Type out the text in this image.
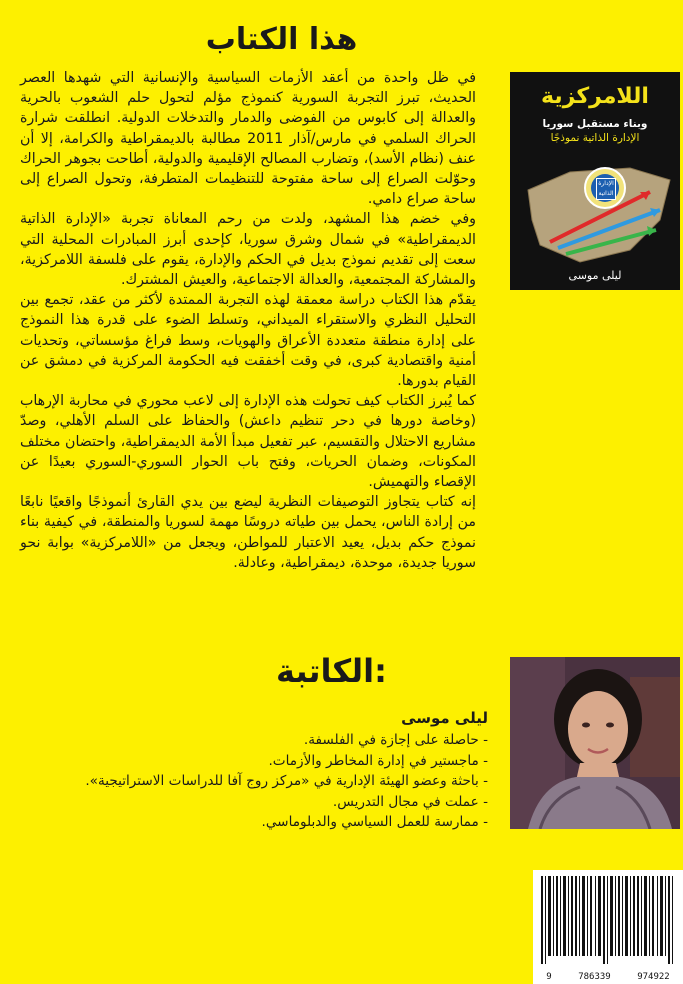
هذا الكتاب

في ظل واحدة من أعقد الأزمات السياسية والإنسانية التي شهدها العصر الحديث، تبرز التجربة السورية كنموذج مؤلم لتحول حلم الشعوب بالحرية والعدالة إلى كابوس من الفوضى والدمار والتدخلات الدولية. انطلقت شرارة الحراك السلمي في مارس/آذار 2011 مطالبة بالديمقراطية والكرامة، إلا أن عنف (نظام الأسد)، وتضارب المصالح الإقليمية والدولية، أطاحت بجوهر الحراك وحوّلت الصراع إلى ساحة مفتوحة للتنظيمات المتطرفة، وتحول الصراع إلى ساحة صراع دامي.

وفي خضم هذا المشهد، ولدت من رحم المعاناة تجربة «الإدارة الذاتية الديمقراطية» في شمال وشرق سوريا، كإحدى أبرز المبادرات المحلية التي سعت إلى تقديم نموذج بديل في الحكم والإدارة، يقوم على فلسفة اللامركزية، والمشاركة المجتمعية، والعدالة الاجتماعية، والعيش المشترك.

يقدّم هذا الكتاب دراسة معمقة لهذه التجربة الممتدة لأكثر من عقد، تجمع بين التحليل النظري والاستقراء الميداني، وتسلط الضوء على قدرة هذا النموذج على إدارة منطقة متعددة الأعراق والهويات، وسط فراغ مؤسساتي، وتحديات أمنية واقتصادية كبرى، في وقت أخفقت فيه الحكومة المركزية في دمشق عن القيام بدورها.

كما يُبرز الكتاب كيف تحولت هذه الإدارة إلى لاعب محوري في محاربة الإرهاب (وخاصة دورها في دحر تنظيم داعش) والحفاظ على السلم الأهلي، وصدّ مشاريع الاحتلال والتقسيم، عبر تفعيل مبدأ الأمة الديمقراطية، واحتضان مختلف المكونات، وضمان الحريات، وفتح باب الحوار السوري-السوري بعيدًا عن الإقصاء والتهميش.

إنه كتاب يتجاوز التوصيفات النظرية ليضع بين يدي القارئ أنموذجًا واقعيًا نابعًا من إرادة الناس، يحمل بين طياته دروسًا مهمة لسوريا والمنطقة، في كيفية بناء نموذج حكم بديل، يعيد الاعتبار للمواطن، ويجعل من «اللامركزية» بوابة نحو سوريا جديدة، موحدة، ديمقراطية، وعادلة.

اللامركزية
وبناء مستقبل سوريا
الإدارة الذاتية نموذجًا
الإدارة الذاتية
ليلى موسى
الكاتبة:
ليلى موسى
- حاصلة على إجازة في الفلسفة.
- ماجستير في إدارة المخاطر والأزمات.
- باحثة وعضو الهيئة الإدارية في «مركز روج آفا للدراسات الاستراتيجية».
- عملت في مجال التدريس.
- ممارسة للعمل السياسي والدبلوماسي.
9	786339	974922
